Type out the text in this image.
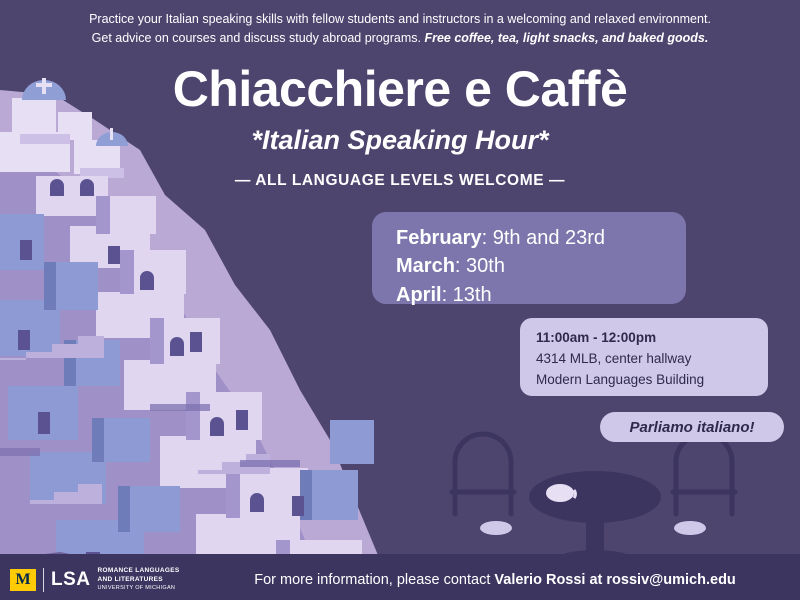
Practice your Italian speaking skills with fellow students and instructors in a welcoming and relaxed environment.
Get advice on courses and discuss study abroad programs. Free coffee, tea, light snacks, and baked goods.
Chiacchiere e Caffè
*Italian Speaking Hour*
— ALL LANGUAGE LEVELS WELCOME —
February: 9th and 23rd
March: 30th
April: 13th
11:00am - 12:00pm
4314 MLB, center hallway
Modern Languages Building
Parliamo italiano!
M LSA ROMANCE LANGUAGES
AND LITERATURES
UNIVERSITY OF MICHIGAN	For more information, please contact Valerio Rossi at rossiv@umich.edu
